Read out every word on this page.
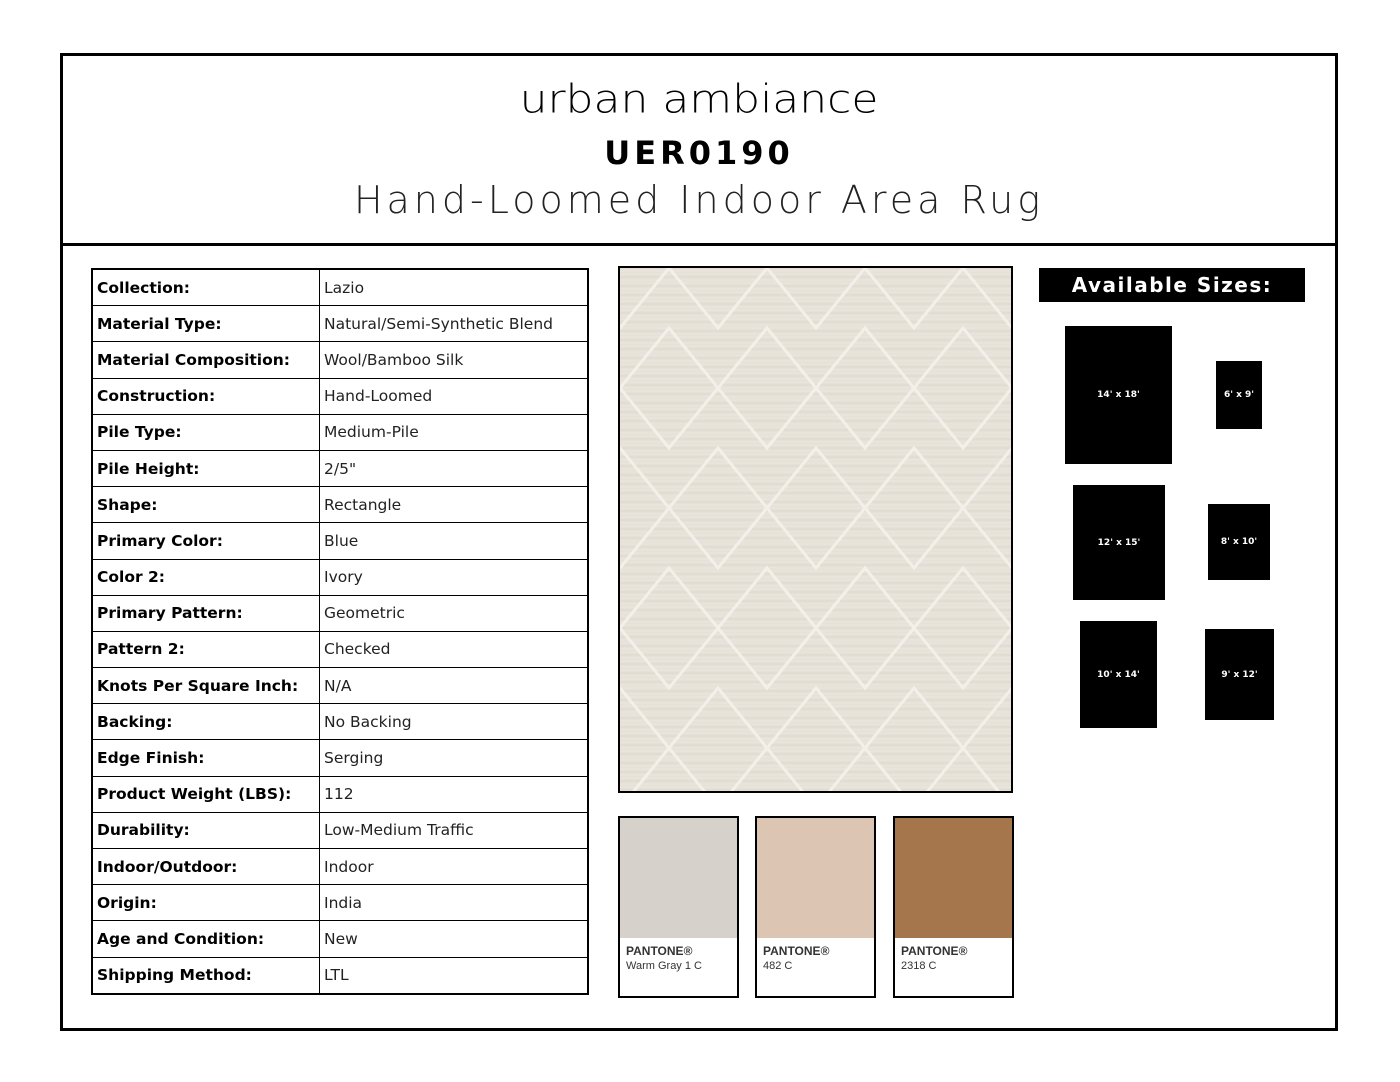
urban ambiance
UER0190
Hand-Loomed Indoor Area Rug
Collection:	Lazio
Material Type:	Natural/Semi-Synthetic Blend
Material Composition:	Wool/Bamboo Silk
Construction:	Hand-Loomed
Pile Type:	Medium-Pile
Pile Height:	2/5"
Shape:	Rectangle
Primary Color:	Blue
Color 2:	Ivory
Primary Pattern:	Geometric
Pattern 2:	Checked
Knots Per Square Inch:	N/A
Backing:	No Backing
Edge Finish:	Serging
Product Weight (LBS):	112
Durability:	Low-Medium Traffic
Indoor/Outdoor:	Indoor
Origin:	India
Age and Condition:	New
Shipping Method:	LTL
PANTONE®
Warm Gray 1 C
PANTONE®
482 C
PANTONE®
2318 C
Available Sizes:
14' x 18'	6' x 9'
12' x 15'	8' x 10'
10' x 14'	9' x 12'
